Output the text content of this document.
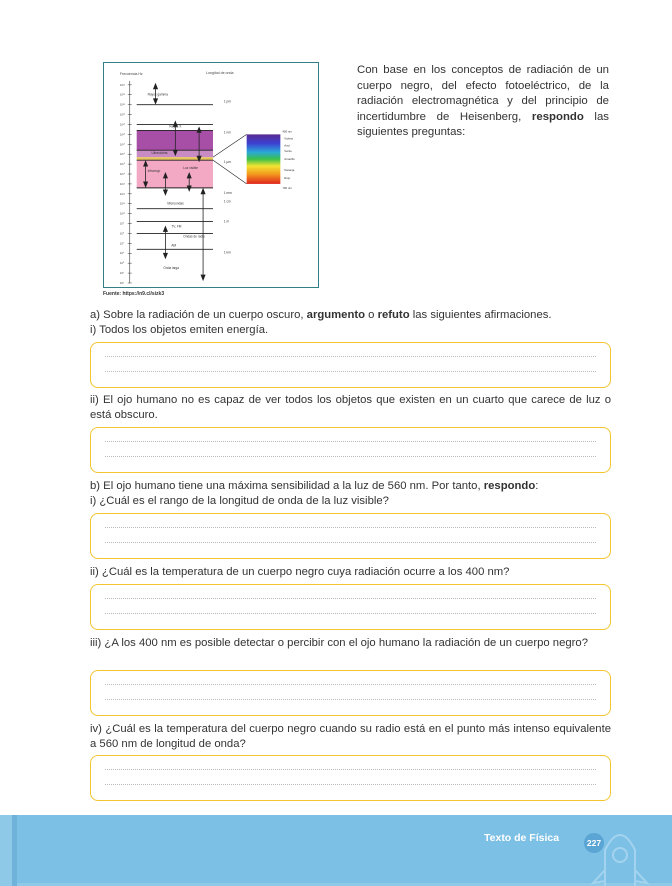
Frecuencia Hz	Longitud de onda
10²³
10²²
10²¹
10²⁰
10¹⁹
10¹⁸
10¹⁷
10¹⁶
10¹⁵
10¹⁴
10¹³
10¹²
10¹¹
10¹⁰
10⁹
10⁸
10⁷
10⁶
10⁵
10⁴
10³
Rayos gamma
Rayos X
Ultravioleta
Luz visible
Infrarrojo
Microondas
TV, FM
Ondas de radio
AM
Onda larga
1 pm
1 nm
1 μm
1 mm
1 cm
1 m
1 km
400 nm
Violeta
Azul
Verde
Amarillo
Naranja
Rojo
700 nm
Fuente: https://n9.cl/sizk3
Con base en los conceptos de radiación de un cuerpo negro, del efecto fotoeléctrico, de la radiación electromagnética y del principio de incertidumbre de Heisenberg, respondo las siguientes preguntas:
a) Sobre la radiación de un cuerpo oscuro, argumento o refuto las siguientes afirmaciones.
i) Todos los objetos emiten energía.
ii) El ojo humano no es capaz de ver todos los objetos que existen en un cuarto que carece de luz o está obscuro.
b) El ojo humano tiene una máxima sensibilidad a la luz de 560 nm. Por tanto, respondo:
i) ¿Cuál es el rango de la longitud de onda de la luz visible?
ii) ¿Cuál es la temperatura de un cuerpo negro cuya radiación ocurre a los 400 nm?
iii) ¿A los 400 nm es posible detectar o percibir con el ojo humano la radiación de un cuerpo negro?
iv) ¿Cuál es la temperatura del cuerpo negro cuando su radio está en el punto más intenso equivalente a 560 nm de longitud de onda?
Texto de Física	227
